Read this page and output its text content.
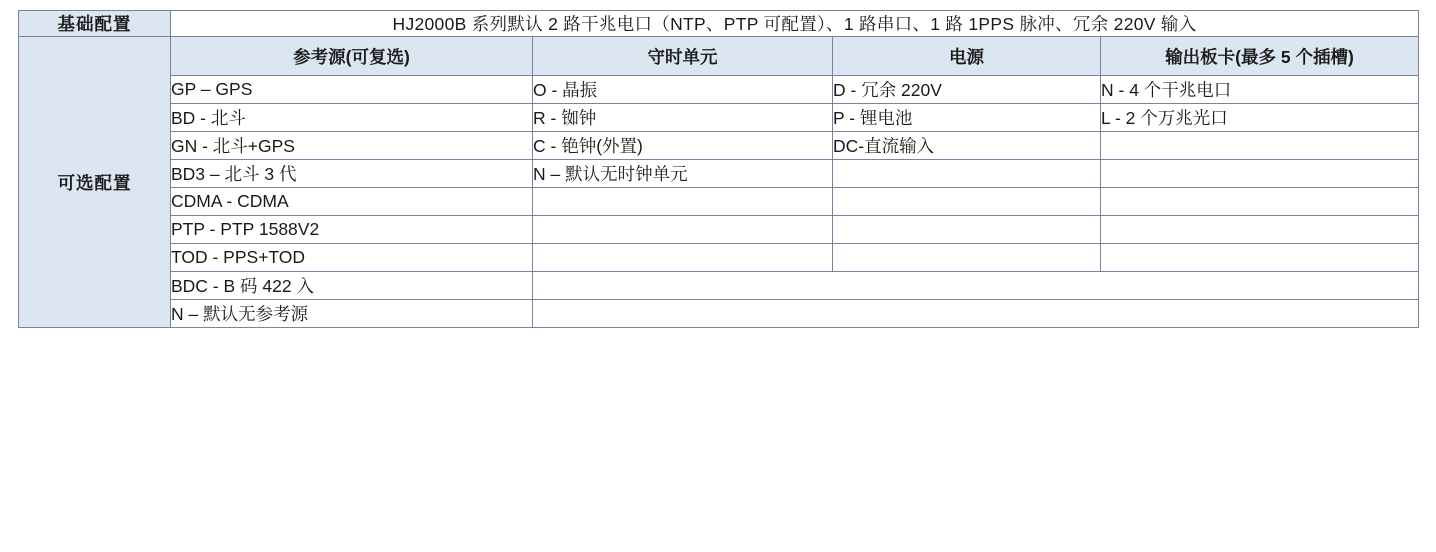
基础配置	HJ2000B 系列默认 2 路干兆电口（NTP、PTP 可配置）、1 路串口、1 路 1PPS 脉冲、冗余 220V 输入			
可选配置	参考源(可复选)	守时单元	电源	输出板卡(最多 5 个插槽)
	GP – GPS	O - 晶振	D - 冗余 220V	N - 4 个干兆电口
	BD - 北斗	R - 铷钟	P - 锂电池	L - 2 个万兆光口
	GN - 北斗+GPS	C - 铯钟(外置)	DC-直流输入	
	BD3 – 北斗 3 代	N – 默认无时钟单元		
	CDMA - CDMA			
	PTP - PTP 1588V2			
	TOD - PPS+TOD			
	BDC - B 码 422 入			
	N – 默认无参考源			
